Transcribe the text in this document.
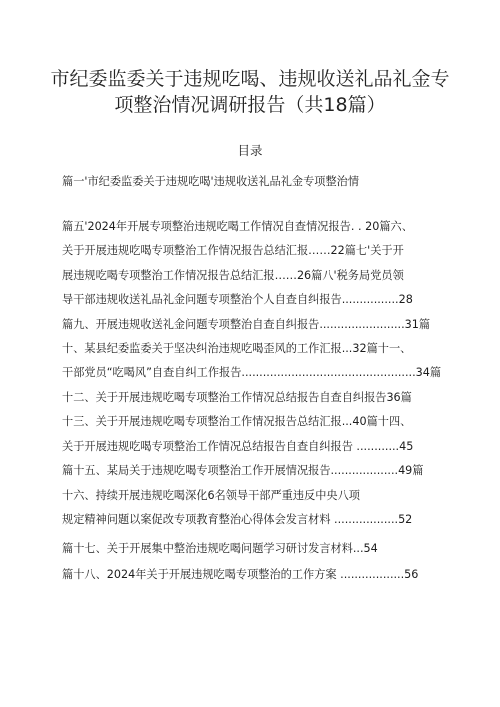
市纪委监委关于违规吃喝、违规收送礼品礼金专
项整治情况调研报告（共18篇）
目录
篇一'市纪委监委关于违规吃喝'违规收送礼品礼金专项整治情
篇五'2024年开展专项整治违规吃喝工作情况自查情况报告. . 20篇六、
关于开展违规吃喝专项整治工作情况报告总结汇报……22篇七'关于开
展违规吃喝专项整治工作情况报告总结汇报……26篇八'税务局党员领
导干部违规收送礼品礼金问题专项整治个人自查自纠报告................28
篇九、开展违规收送礼金问题专项整治自查自纠报告........................31篇
十、某县纪委监委关于坚决纠治违规吃喝歪风的工作汇报...32篇十一、
干部党员“吃喝风”自查自纠工作报告.................................................34篇
十二、关于开展违规吃喝专项整治工作情况总结报告自查自纠报告36篇
十三、关于开展违规吃喝专项整治工作情况报告总结汇报...40篇十四、
关于开展违规吃喝专项整治工作情况总结报告自查自纠报告 ............45
篇十五、某局关于违规吃喝专项整治工作开展情况报告...................49篇
十六、持续开展违规吃喝深化6名领导干部严重违反中央八项
规定精神问题以案促改专项教育整治心得体会发言材料 ..................52
篇十七、关于开展集中整治违规吃喝问题学习研讨发言材料...54
篇十八、2024年关于开展违规吃喝专项整治的工作方案 ..................56
